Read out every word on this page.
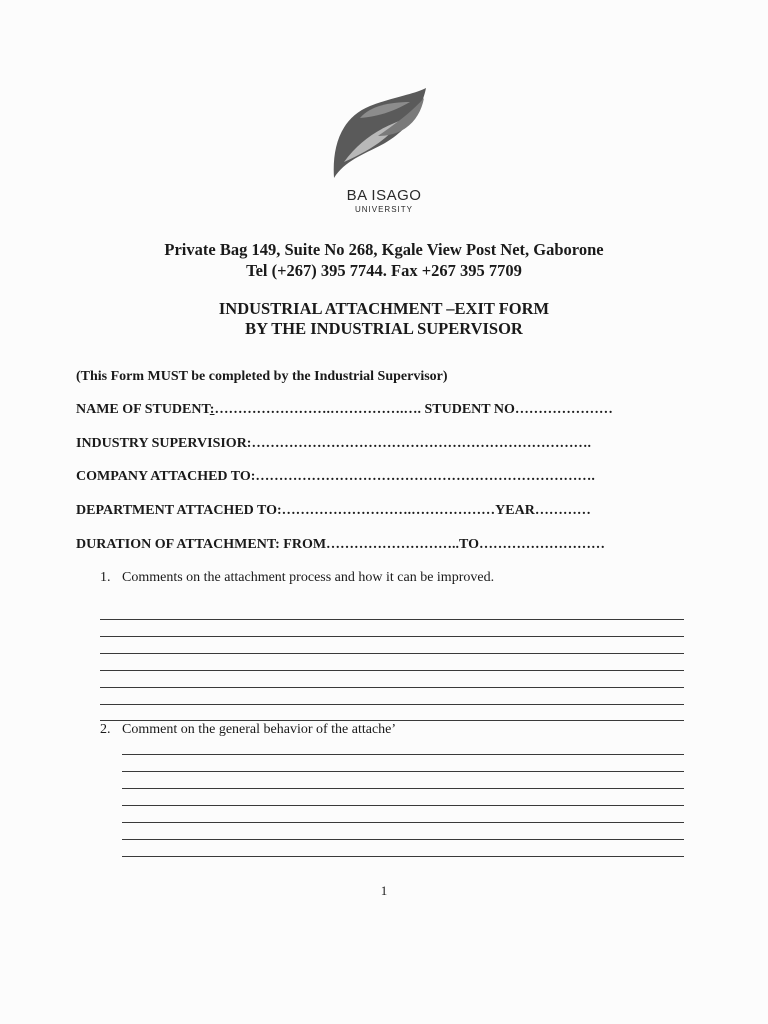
BA ISAGO
UNIVERSITY
Private Bag 149, Suite No 268, Kgale View Post Net, Gaborone
Tel (+267) 395 7744. Fax +267 395 7709
INDUSTRIAL ATTACHMENT –EXIT FORM
BY THE INDUSTRIAL SUPERVISOR
(This Form MUST be completed by the Industrial Supervisor)
NAME OF STUDENT:…………………….…………….…. STUDENT NO…………………
INDUSTRY SUPERVISIOR:……………………………………………………………….
COMPANY ATTACHED TO:……………………………………………………………….
DEPARTMENT ATTACHED TO:……………………….………………YEAR…………
DURATION OF ATTACHMENT: FROM………………………..TO………………………
1. Comments on the attachment process and how it can be improved.
2. Comment on the general behavior of the attache’
1
